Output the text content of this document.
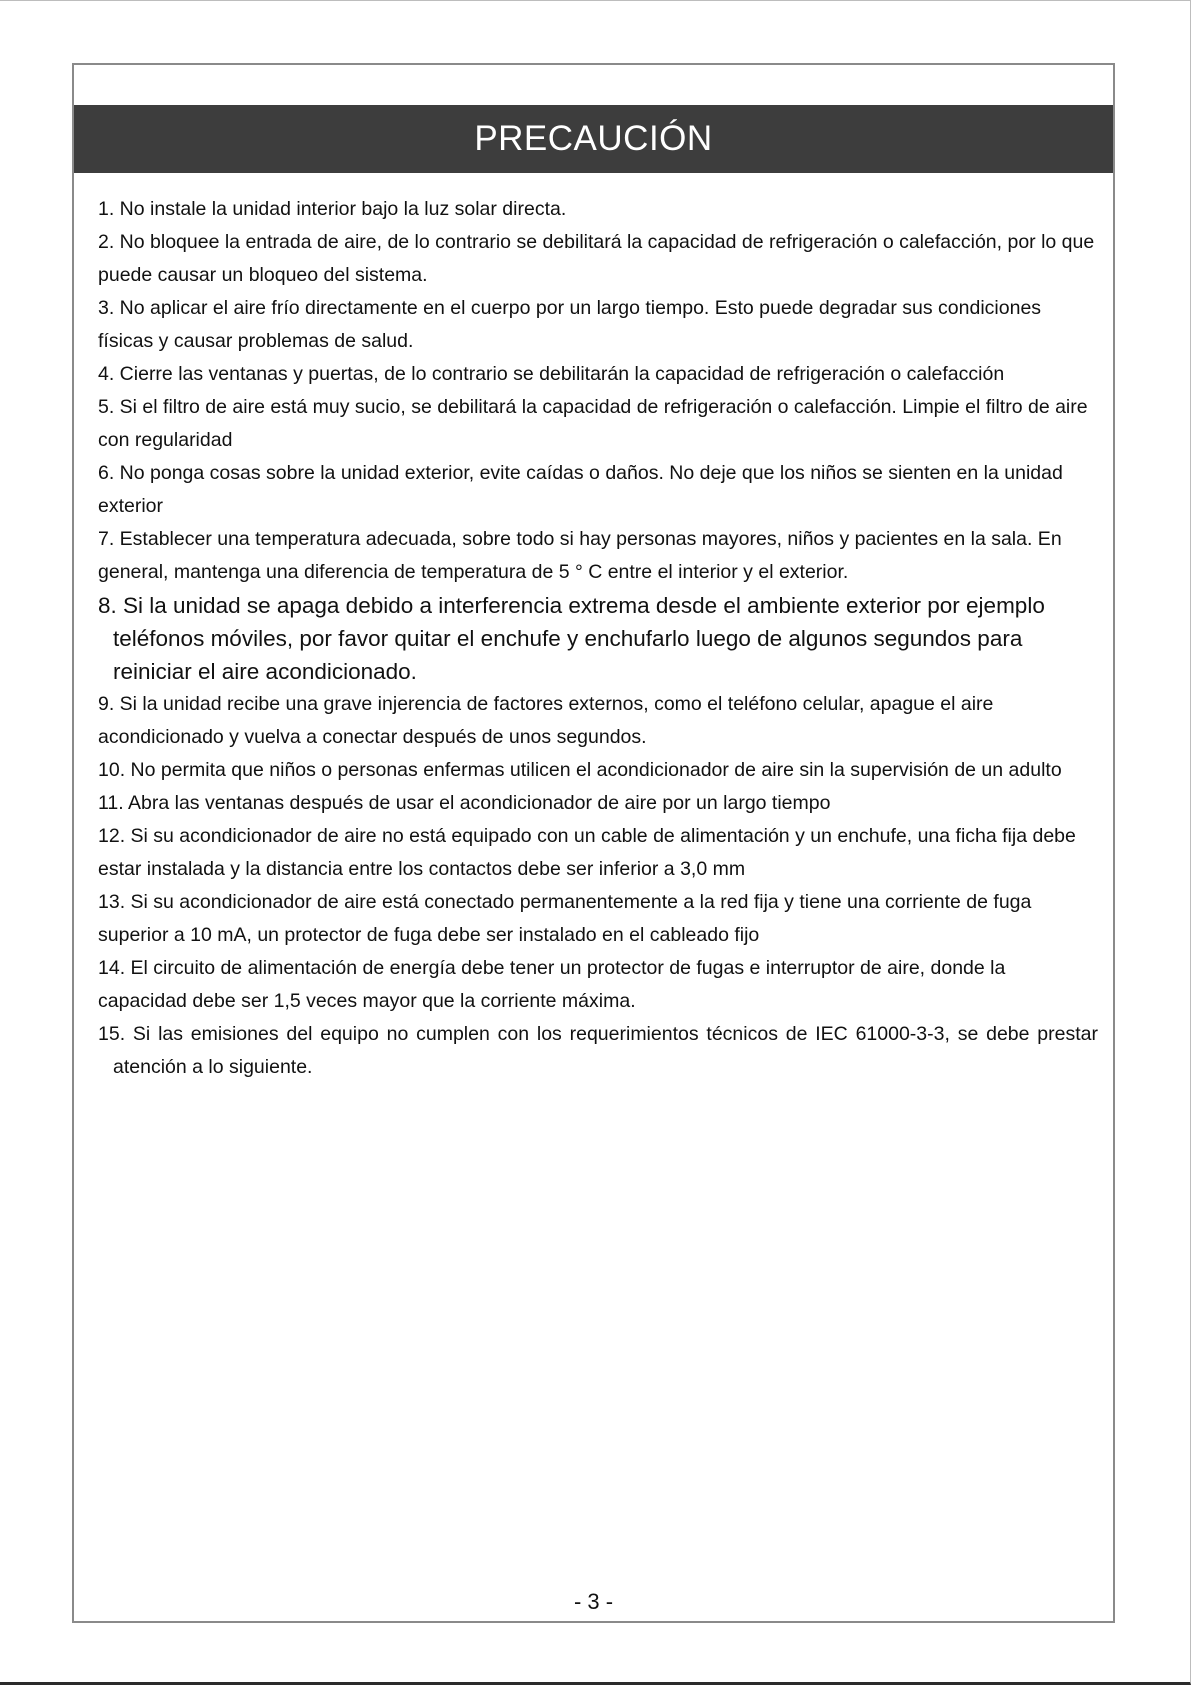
PRECAUCIÓN
1. No instale la unidad interior bajo la luz solar directa.
2. No bloquee la entrada de aire, de lo contrario se debilitará la capacidad de refrigeración o calefacción, por lo que puede causar un bloqueo del sistema.
3. No aplicar el aire frío directamente en el cuerpo por un largo tiempo. Esto puede degradar sus condiciones físicas y causar problemas de salud.
4. Cierre las ventanas y puertas, de lo contrario se debilitarán la capacidad de refrigeración o calefacción
5. Si el filtro de aire está muy sucio, se debilitará la capacidad de refrigeración o calefacción. Limpie el filtro de aire con regularidad
6. No ponga cosas sobre la unidad exterior, evite caídas o daños. No deje que los niños se sienten en la unidad exterior
7. Establecer una temperatura adecuada, sobre todo si hay personas mayores, niños y pacientes en la sala. En general, mantenga una diferencia de temperatura de 5 ° C entre el interior y el exterior.
8. Si la unidad se apaga debido a interferencia extrema desde el ambiente exterior por ejemplo teléfonos móviles, por favor quitar el enchufe y enchufarlo luego de algunos segundos para reiniciar el aire acondicionado.
9. Si la unidad recibe una grave injerencia de factores externos, como el teléfono celular, apague el aire acondicionado y vuelva a conectar después de unos segundos.
10. No permita que niños o personas enfermas utilicen el acondicionador de aire sin la supervisión de un adulto
11. Abra las ventanas después de usar el acondicionador de aire por un largo tiempo
12. Si su acondicionador de aire no está equipado con un cable de alimentación y un enchufe, una ficha fija debe estar instalada y la distancia entre los contactos debe ser inferior a 3,0 mm
13. Si su acondicionador de aire está conectado permanentemente a la red fija y tiene una corriente de fuga superior a 10 mA, un protector de fuga debe ser instalado en el cableado fijo
14. El circuito de alimentación de energía debe tener un protector de fugas e interruptor de aire, donde la capacidad debe ser 1,5 veces mayor que la corriente máxima.
15. Si las emisiones del equipo no cumplen con los requerimientos técnicos de IEC 61000-3-3, se debe prestar atención a lo siguiente.
- 3 -
